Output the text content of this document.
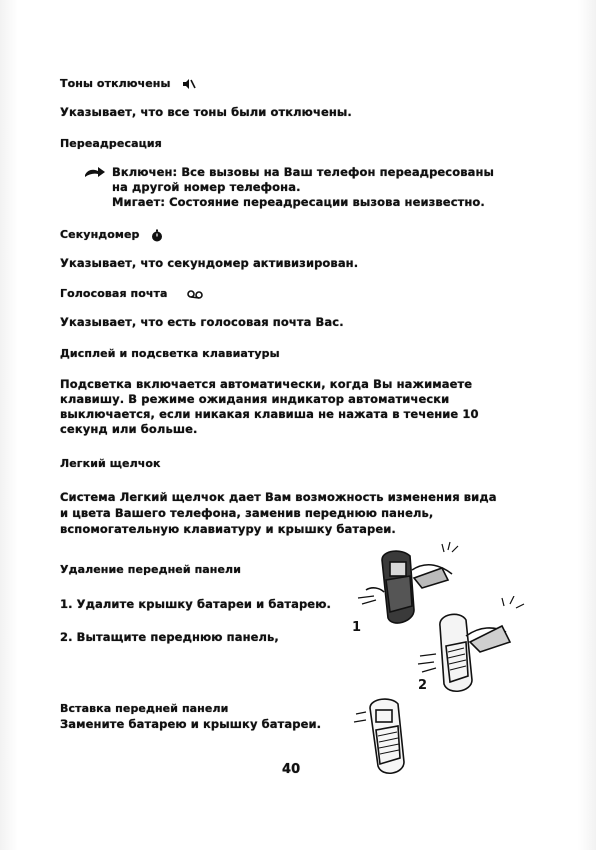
Тоны отключены

Указывает, что все тоны были отключены.

Переадресация

Включен: Все вызовы на Ваш телефон переадресованы

на другой номер телефона.

Мигает: Состояние переадресации вызова неизвестно.

Секундомер

Указывает, что секундомер активизирован.

Голосовая почта

Указывает, что есть голосовая почта Вас.

Дисплей и подсветка клавиатуры

Подсветка включается автоматически, когда Вы нажимаете

клавишу. В режиме ожидания индикатор автоматически

выключается, если никакая клавиша не нажата в течение 10

секунд или больше.

Легкий щелчок

Система Легкий щелчок дает Вам возможность изменения вида

и цвета Вашего телефона, заменив переднюю панель,

вспомогательную клавиатуру и крышку батареи.

Удаление передней панели

1. Удалите крышку батареи и батарею.

2. Вытащите переднюю панель,

Вставка передней панели

Замените батарею и крышку батареи.

1

2

40
